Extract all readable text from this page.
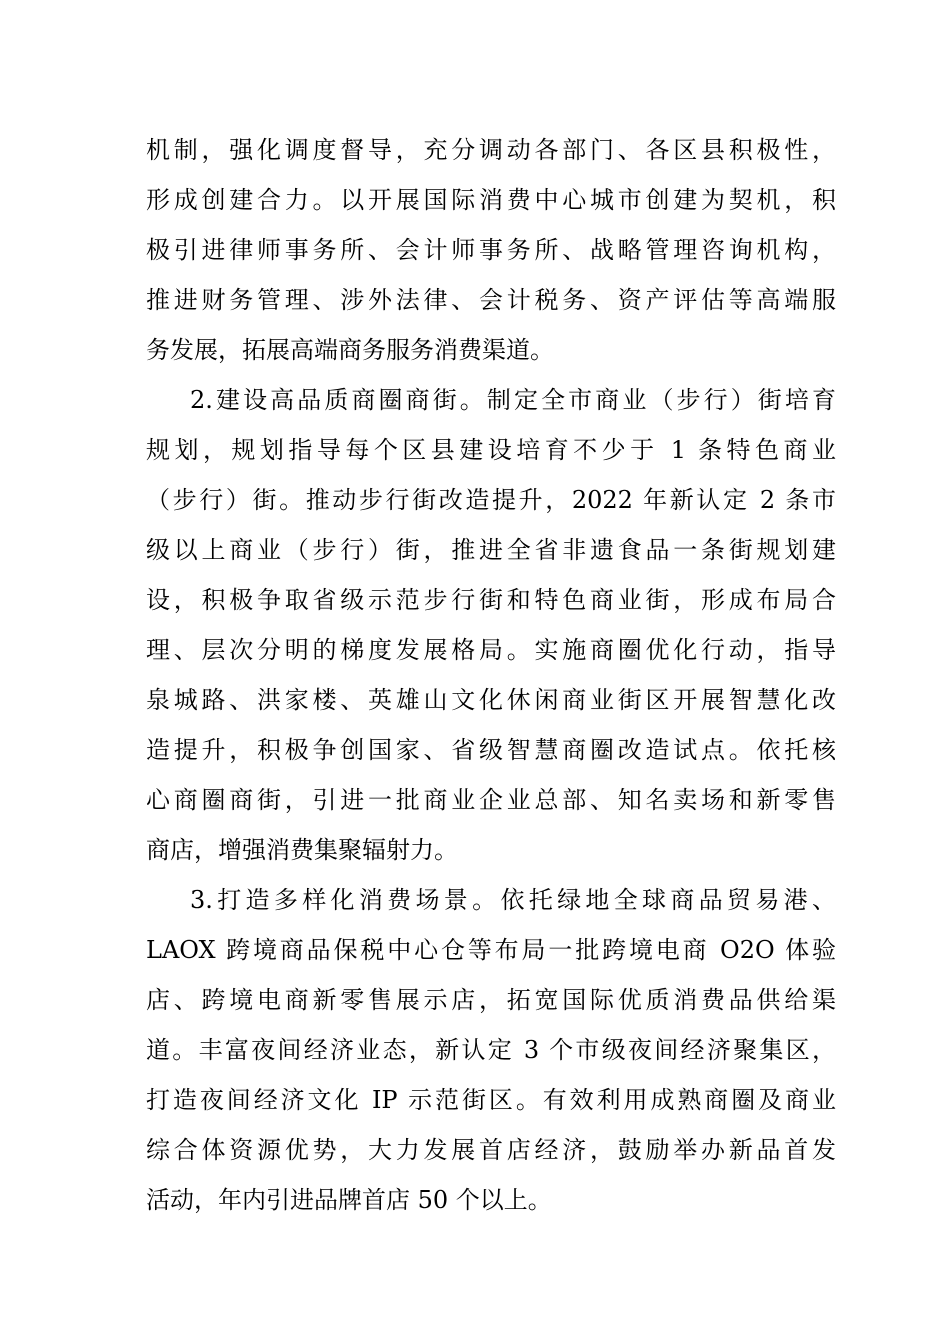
机制，强化调度督导，充分调动各部门、各区县积极性，
形成创建合力。以开展国际消费中心城市创建为契机，积
极引进律师事务所、会计师事务所、战略管理咨询机构，
推进财务管理、涉外法律、会计税务、资产评估等高端服
务发展，拓展高端商务服务消费渠道。
2.建设高品质商圈商街。制定全市商业（步行）街培育
规划，规划指导每个区县建设培育不少于 1 条特色商业
（步行）街。推动步行街改造提升，2022 年新认定 2 条市
级以上商业（步行）街，推进全省非遗食品一条街规划建
设，积极争取省级示范步行街和特色商业街，形成布局合
理、层次分明的梯度发展格局。实施商圈优化行动，指导
泉城路、洪家楼、英雄山文化休闲商业街区开展智慧化改
造提升，积极争创国家、省级智慧商圈改造试点。依托核
心商圈商街，引进一批商业企业总部、知名卖场和新零售
商店，增强消费集聚辐射力。
3.打造多样化消费场景。依托绿地全球商品贸易港、
LAOX 跨境商品保税中心仓等布局一批跨境电商 O2O 体验
店、跨境电商新零售展示店，拓宽国际优质消费品供给渠
道。丰富夜间经济业态，新认定 3 个市级夜间经济聚集区，
打造夜间经济文化 IP 示范街区。有效利用成熟商圈及商业
综合体资源优势，大力发展首店经济，鼓励举办新品首发
活动，年内引进品牌首店 50 个以上。
